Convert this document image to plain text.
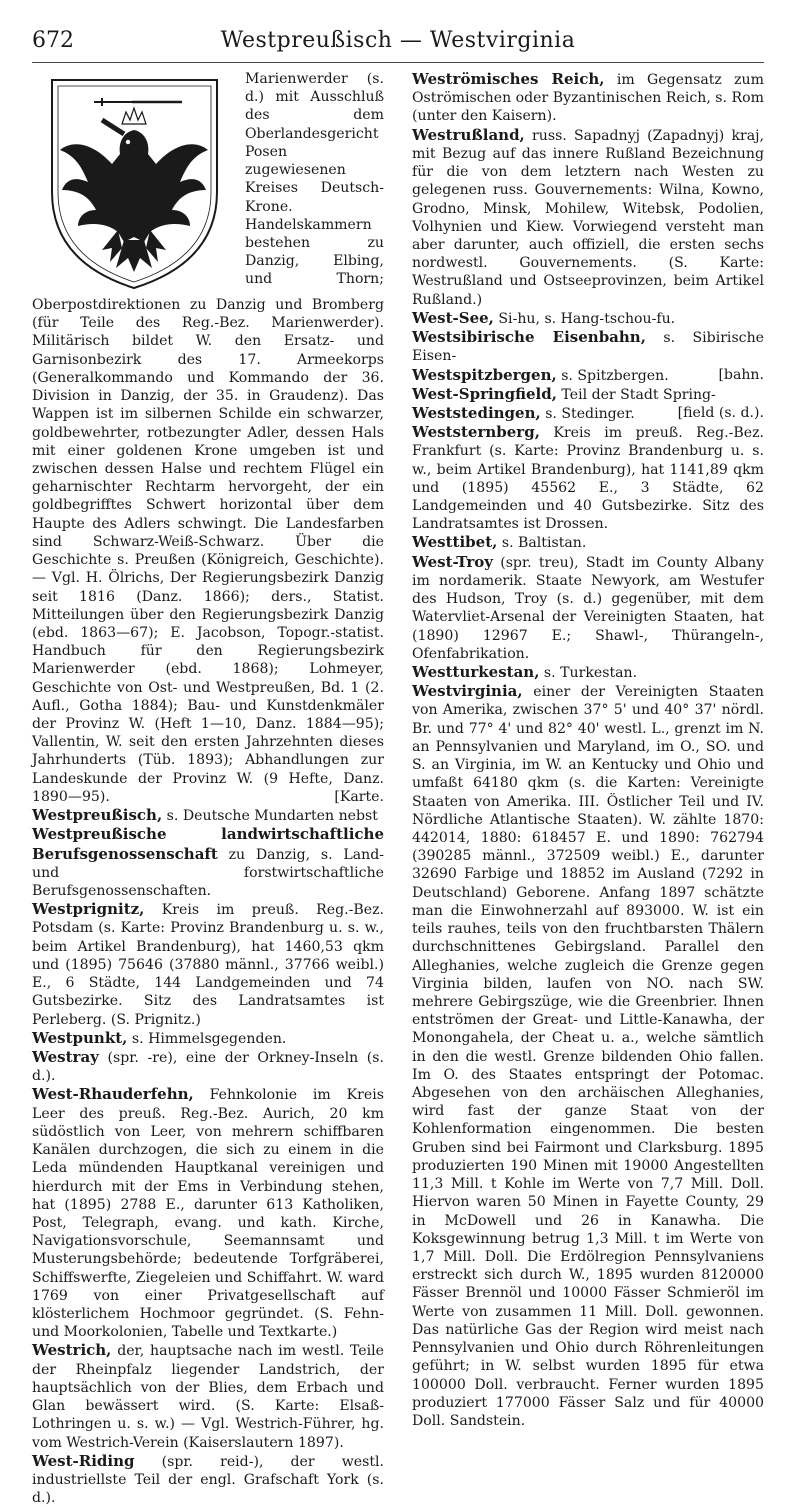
672	Westpreußisch — Westvirginia

Marienwerder (s. d.) mit Ausschluß des dem Oberlandesgericht Posen zugewiesenen Kreises Deutsch-Krone. Handelskammern bestehen zu Danzig, Elbing, und Thorn; Oberpostdirektionen zu Danzig und Bromberg (für Teile des Reg.-Bez. Marienwerder). Militärisch bildet W. den Ersatz- und Garnisonbezirk des 17. Armeekorps (Generalkommando und Kommando der 36. Division in Danzig, der 35. in Graudenz). Das Wappen ist im silbernen Schilde ein schwarzer, goldbewehrter, rotbezungter Adler, dessen Hals mit einer goldenen Krone umgeben ist und zwischen dessen Halse und rechtem Flügel ein geharnischter Rechtarm hervorgeht, der ein goldbegrifftes Schwert horizontal über dem Haupte des Adlers schwingt. Die Landesfarben sind Schwarz-Weiß-Schwarz. Über die Geschichte s. Preußen (Königreich, Geschichte). — Vgl. H. Ölrichs, Der Regierungsbezirk Danzig seit 1816 (Danz. 1866); ders., Statist. Mitteilungen über den Regierungsbezirk Danzig (ebd. 1863—67); E. Jacobson, Topogr.-statist. Handbuch für den Regierungsbezirk Marienwerder (ebd. 1868); Lohmeyer, Geschichte von Ost- und Westpreußen, Bd. 1 (2. Aufl., Gotha 1884); Bau- und Kunstdenkmäler der Provinz W. (Heft 1—10, Danz. 1884—95); Vallentin, W. seit den ersten Jahrzehnten dieses Jahrhunderts (Tüb. 1893); Abhandlungen zur Landeskunde der Provinz W. (9 Hefte, Danz. 1890—95).	[Karte.

Westpreußisch, s. Deutsche Mundarten nebst

Westpreußische landwirtschaftliche Berufsgenossenschaft zu Danzig, s. Land- und forstwirtschaftliche Berufsgenossenschaften.

Westprignitz, Kreis im preuß. Reg.-Bez. Potsdam (s. Karte: Provinz Brandenburg u. s. w., beim Artikel Brandenburg), hat 1460,53 qkm und (1895) 75646 (37880 männl., 37766 weibl.) E., 6 Städte, 144 Landgemeinden und 74 Gutsbezirke. Sitz des Landratsamtes ist Perleberg. (S. Prignitz.)

Westpunkt, s. Himmelsgegenden.

Westray (spr. -re), eine der Orkney-Inseln (s. d.).

West-Rhauderfehn, Fehnkolonie im Kreis Leer des preuß. Reg.-Bez. Aurich, 20 km südöstlich von Leer, von mehrern schiffbaren Kanälen durchzogen, die sich zu einem in die Leda mündenden Hauptkanal vereinigen und hierdurch mit der Ems in Verbindung stehen, hat (1895) 2788 E., darunter 613 Katholiken, Post, Telegraph, evang. und kath. Kirche, Navigationsvorschule, Seemannsamt und Musterungsbehörde; bedeutende Torfgräberei, Schiffswerfte, Ziegeleien und Schiffahrt. W. ward 1769 von einer Privatgesellschaft auf klösterlichem Hochmoor gegründet. (S. Fehn- und Moorkolonien, Tabelle und Textkarte.)

Westrich, der, hauptsache nach im westl. Teile der Rheinpfalz liegender Landstrich, der hauptsächlich von der Blies, dem Erbach und Glan bewässert wird. (S. Karte: Elsaß-Lothringen u. s. w.) — Vgl. Westrich-Führer, hg. vom Westrich-Verein (Kaiserslautern 1897).

West-Riding (spr. reid-), der westl. industriellste Teil der engl. Grafschaft York (s. d.).

Weströmisches Reich, im Gegensatz zum Oströmischen oder Byzantinischen Reich, s. Rom (unter den Kaisern).

Westrußland, russ. Sapadnyj (Zapadnyj) kraj, mit Bezug auf das innere Rußland Bezeichnung für die von dem letztern nach Westen zu gelegenen russ. Gouvernements: Wilna, Kowno, Grodno, Minsk, Mohilew, Witebsk, Podolien, Volhynien und Kiew. Vorwiegend versteht man aber darunter, auch offiziell, die ersten sechs nordwestl. Gouvernements. (S. Karte: Westrußland und Ostseeprovinzen, beim Artikel Rußland.)

West-See, Si-hu, s. Hang-tschou-fu.

Westsibirische Eisenbahn, s. Sibirische Eisen-

Westspitzbergen, s. Spitzbergen.	[bahn.

West-Springfield, Teil der Stadt Spring-

Weststedingen, s. Stedinger.	[field (s. d.).

Weststernberg, Kreis im preuß. Reg.-Bez. Frankfurt (s. Karte: Provinz Brandenburg u. s. w., beim Artikel Brandenburg), hat 1141,89 qkm und (1895) 45562 E., 3 Städte, 62 Landgemeinden und 40 Gutsbezirke. Sitz des Landratsamtes ist Drossen.

Westtibet, s. Baltistan.

West-Troy (spr. treu), Stadt im County Albany im nordamerik. Staate Newyork, am Westufer des Hudson, Troy (s. d.) gegenüber, mit dem Watervliet-Arsenal der Vereinigten Staaten, hat (1890) 12967 E.; Shawl-, Thürangeln-, Ofenfabrikation.

Westturkestan, s. Turkestan.

Westvirginia, einer der Vereinigten Staaten von Amerika, zwischen 37° 5' und 40° 37' nördl. Br. und 77° 4' und 82° 40' westl. L., grenzt im N. an Pennsylvanien und Maryland, im O., SO. und S. an Virginia, im W. an Kentucky und Ohio und umfaßt 64180 qkm (s. die Karten: Vereinigte Staaten von Amerika. III. Östlicher Teil und IV. Nördliche Atlantische Staaten). W. zählte 1870: 442014, 1880: 618457 E. und 1890: 762794 (390285 männl., 372509 weibl.) E., darunter 32690 Farbige und 18852 im Ausland (7292 in Deutschland) Geborene. Anfang 1897 schätzte man die Einwohnerzahl auf 893000. W. ist ein teils rauhes, teils von den fruchtbarsten Thälern durchschnittenes Gebirgsland. Parallel den Alleghanies, welche zugleich die Grenze gegen Virginia bilden, laufen von NO. nach SW. mehrere Gebirgszüge, wie die Greenbrier. Ihnen entströmen der Great- und Little-Kanawha, der Monongahela, der Cheat u. a., welche sämtlich in den die westl. Grenze bildenden Ohio fallen. Im O. des Staates entspringt der Potomac. Abgesehen von den archäischen Alleghanies, wird fast der ganze Staat von der Kohlenformation eingenommen. Die besten Gruben sind bei Fairmont und Clarksburg. 1895 produzierten 190 Minen mit 19000 Angestellten 11,3 Mill. t Kohle im Werte von 7,7 Mill. Doll. Hiervon waren 50 Minen in Fayette County, 29 in McDowell und 26 in Kanawha. Die Koksgewinnung betrug 1,3 Mill. t im Werte von 1,7 Mill. Doll. Die Erdölregion Pennsylvaniens erstreckt sich durch W., 1895 wurden 8120000 Fässer Brennöl und 10000 Fässer Schmieröl im Werte von zusammen 11 Mill. Doll. gewonnen. Das natürliche Gas der Region wird meist nach Pennsylvanien und Ohio durch Röhrenleitungen geführt; in W. selbst wurden 1895 für etwa 100000 Doll. verbraucht. Ferner wurden 1895 produziert 177000 Fässer Salz und für 40000 Doll. Sandstein.
